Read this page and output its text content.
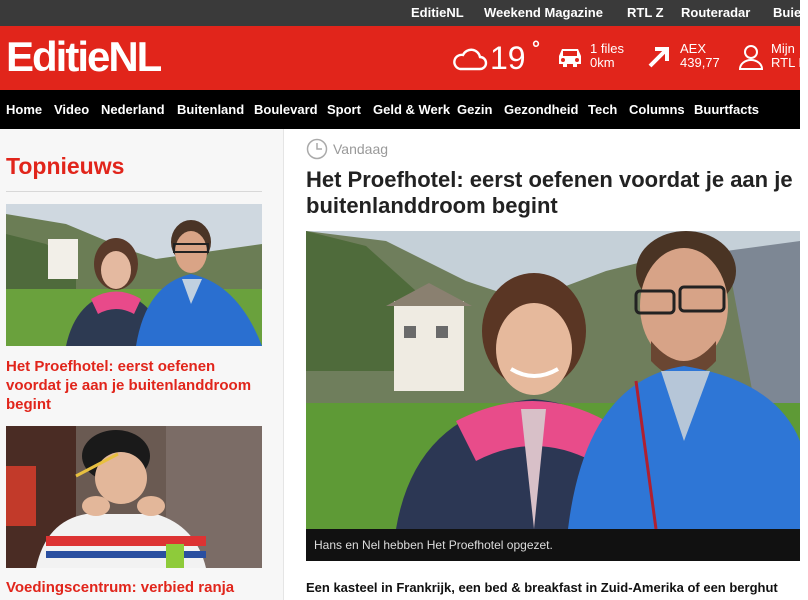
EditieNL Weekend Magazine RTL Z Routeradar Buie
EditieNL	19 °	1 files
0km
AEX
439,77
Mijn
RTL N
Home Video Nederland Buitenland Boulevard Sport Geld & Werk Gezin Gezondheid Tech Columns Buurtfacts
Topnieuws
Het Proefhotel: eerst oefenen voordat je aan je buitenlanddroom begint
Voedingscentrum: verbied ranja
Vandaag
Het Proefhotel: eerst oefenen voordat je aan je buitenlanddroom begint
Hans en Nel hebben Het Proefhotel opgezet.
Een kasteel in Frankrijk, een bed & breakfast in Zuid-Amerika of een berghut
